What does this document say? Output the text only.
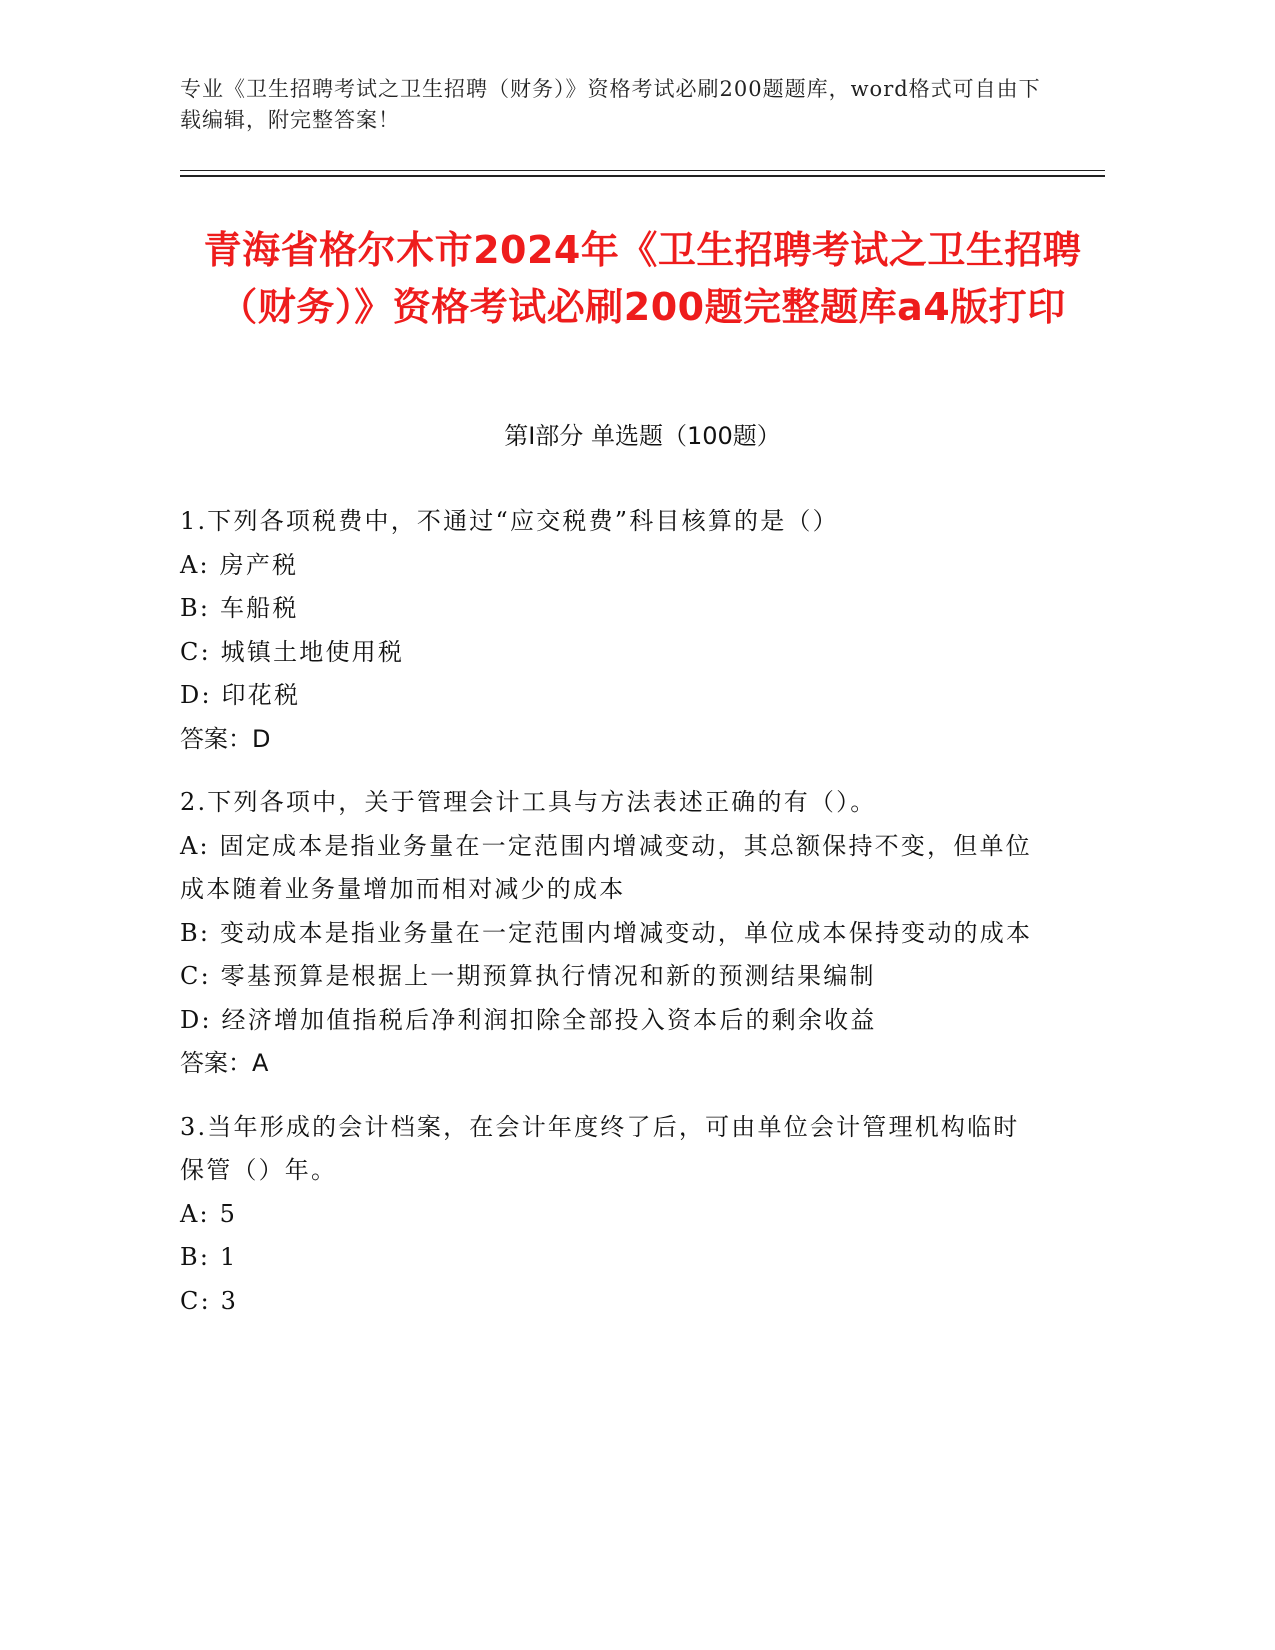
专业《卫生招聘考试之卫生招聘（财务）》资格考试必刷200题题库，word格式可自由下载编辑，附完整答案！
青海省格尔木市2024年《卫生招聘考试之卫生招聘（财务）》资格考试必刷200题完整题库a4版打印
第I部分 单选题（100题）

1.下列各项税费中，不通过“应交税费”科目核算的是（）

A: 房产税

B: 车船税

C: 城镇土地使用税

D: 印花税

答案：D

2.下列各项中，关于管理会计工具与方法表述正确的有（）。

A: 固定成本是指业务量在一定范围内增减变动，其总额保持不变，但单位成本随着业务量增加而相对减少的成本

B: 变动成本是指业务量在一定范围内增减变动，单位成本保持变动的成本

C: 零基预算是根据上一期预算执行情况和新的预测结果编制

D: 经济增加值指税后净利润扣除全部投入资本后的剩余收益

答案：A

3.当年形成的会计档案，在会计年度终了后，可由单位会计管理机构临时保管（）年。

A: 5

B: 1

C: 3
